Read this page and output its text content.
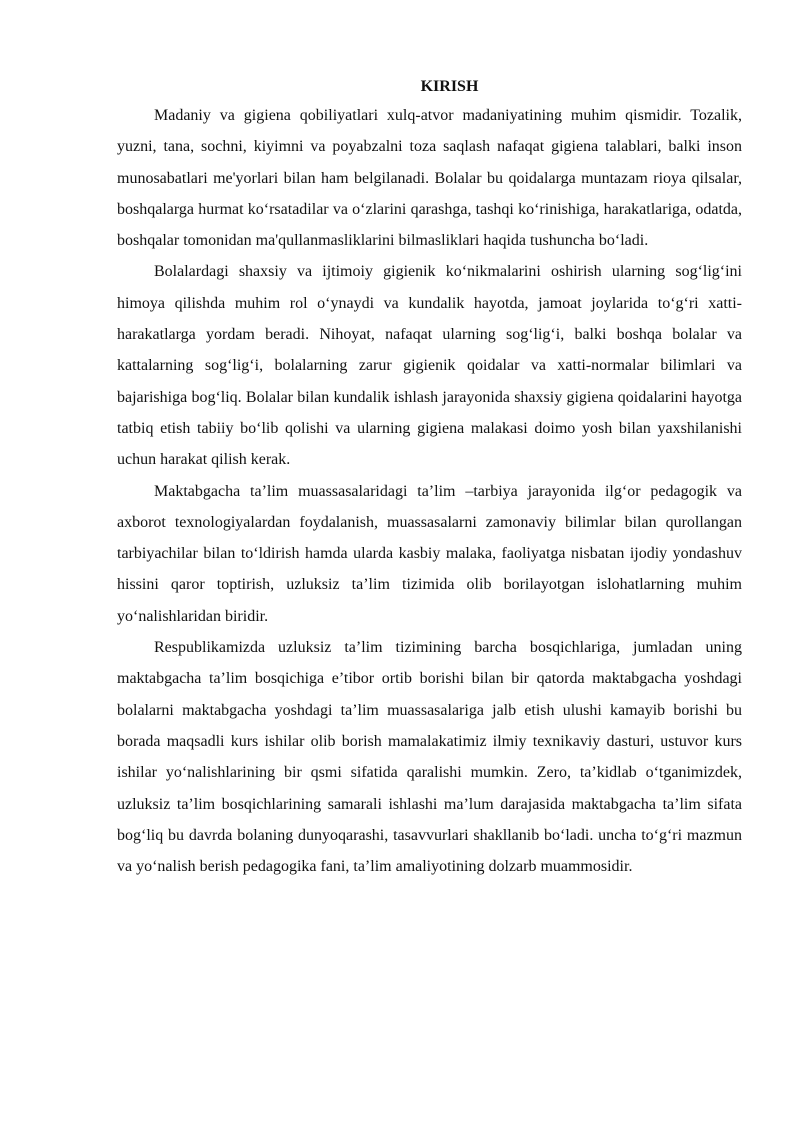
KIRISH

Madaniy va gigiena qobiliyatlari xulq-atvor madaniyatining muhim qismidir. Tozalik, yuzni, tana, sochni, kiyimni va poyabzalni toza saqlash nafaqat gigiena talablari, balki inson munosabatlari me'yorlari bilan ham belgilanadi. Bolalar bu qoidalarga muntazam rioya qilsalar, boshqalarga hurmat koʻrsatadilar va oʻzlarini qarashga, tashqi koʻrinishiga, harakatlariga, odatda, boshqalar tomonidan ma'qullanmasliklarini bilmasliklari haqida tushuncha boʻladi.

Bolalardagi shaxsiy va ijtimoiy gigienik koʻnikmalarini oshirish ularning sogʻligʻini himoya qilishda muhim rol oʻynaydi va kundalik hayotda, jamoat joylarida toʻgʻri xatti-harakatlarga yordam beradi. Nihoyat, nafaqat ularning sogʻligʻi, balki boshqa bolalar va kattalarning sogʻligʻi, bolalarning zarur gigienik qoidalar va xatti-normalar bilimlari va bajarishiga bogʻliq. Bolalar bilan kundalik ishlash jarayonida shaxsiy gigiena qoidalarini hayotga tatbiq etish tabiiy boʻlib qolishi va ularning gigiena malakasi doimo yosh bilan yaxshilanishi uchun harakat qilish kerak.

Maktabgacha ta’lim muassasalaridagi ta’lim –tarbiya jarayonida ilgʻor pedagogik va axborot texnologiyalardan foydalanish, muassasalarni zamonaviy bilimlar bilan qurollangan tarbiyachilar bilan toʻldirish hamda ularda kasbiy malaka, faoliyatga nisbatan ijodiy yondashuv hissini qaror toptirish, uzluksiz ta’lim tizimida olib borilayotgan islohatlarning muhim yoʻnalishlaridan biridir.

Respublikamizda uzluksiz ta’lim tizimining barcha bosqichlariga, jumladan uning maktabgacha ta’lim bosqichiga e’tibor ortib borishi bilan bir qatorda maktabgacha yoshdagi bolalarni maktabgacha yoshdagi ta’lim muassasalariga jalb etish ulushi kamayib borishi bu borada maqsadli kurs ishilar olib borish mamalakatimiz ilmiy texnikaviy dasturi, ustuvor kurs ishilar yoʻnalishlarining bir qsmi sifatida qaralishi mumkin. Zero, ta’kidlab oʻtganimizdek, uzluksiz ta’lim bosqichlarining samarali ishlashi ma’lum darajasida maktabgacha ta’lim sifata bogʻliq bu davrda bolaning dunyoqarashi, tasavvurlari shakllanib boʻladi. uncha toʻgʻri mazmun va yoʻnalish berish pedagogika fani, ta’lim amaliyotining dolzarb muammosidir.
